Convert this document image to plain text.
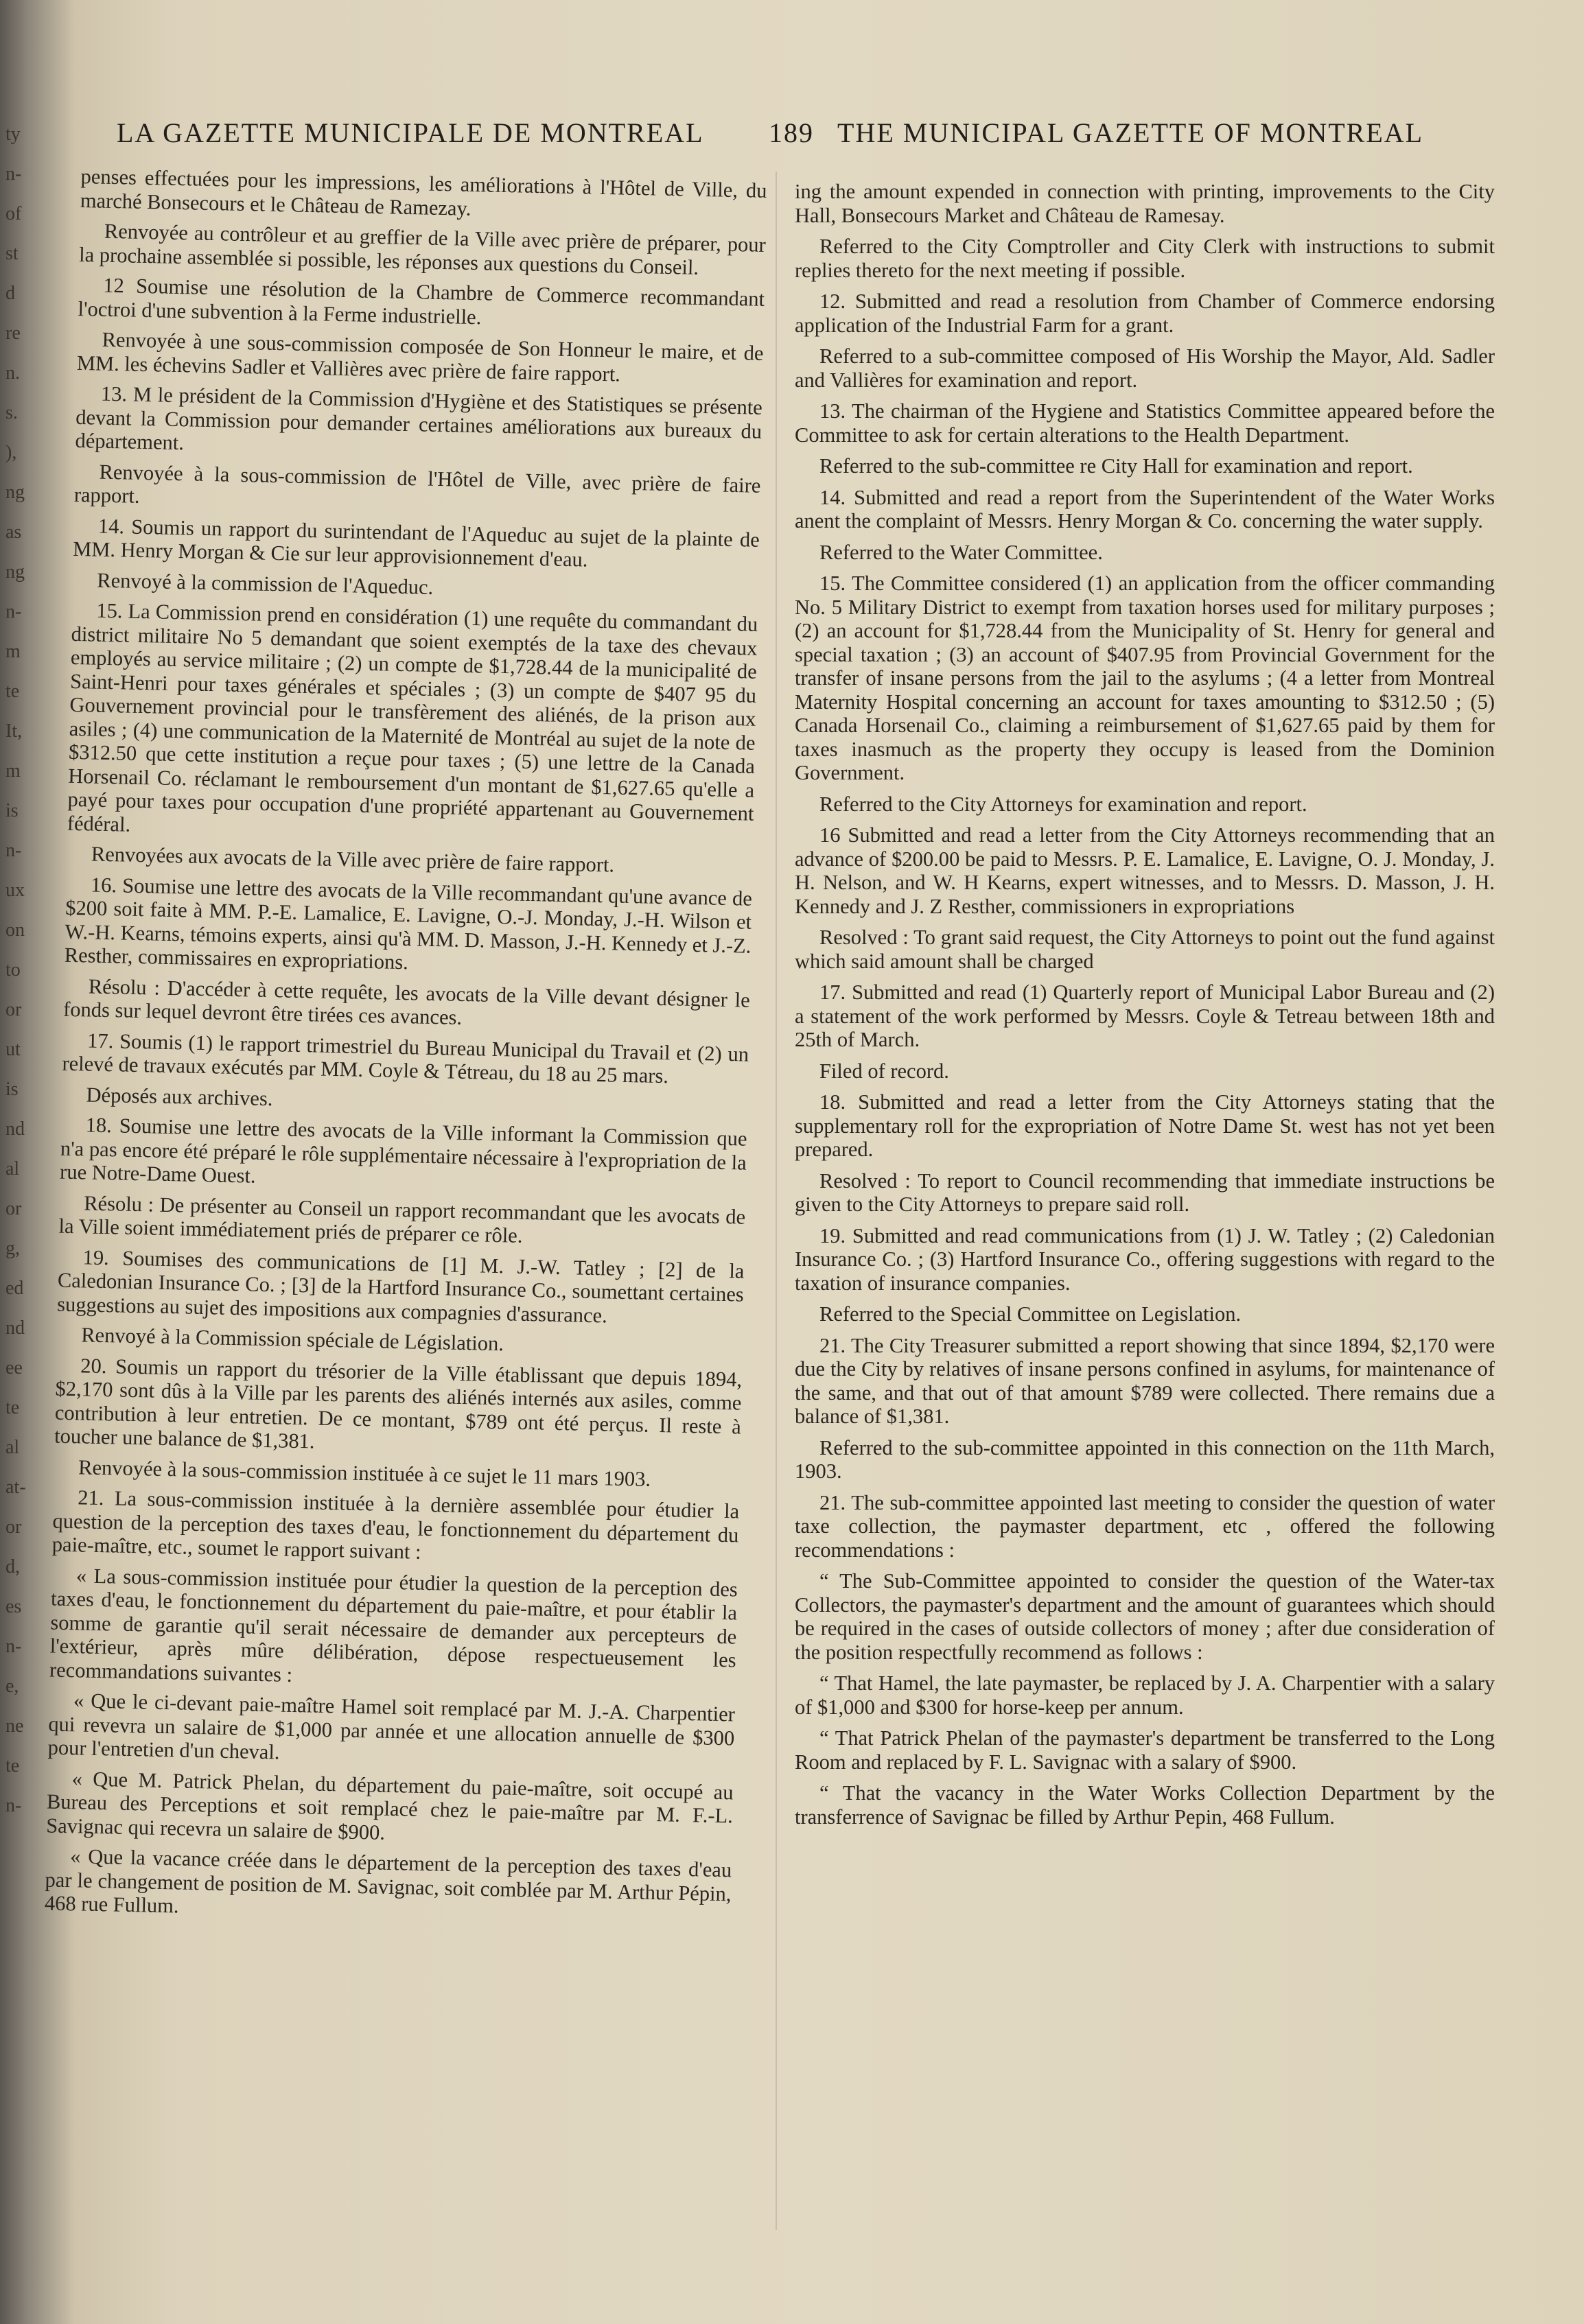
ty
n-
of
st
d
re
n.
s.
),
ng
as
ng
n-
m
te
It,
m
is
n-
ux
on
to
or
ut
is
nd
al
or
g,
ed
nd
ee
te
al
at-
or
d,
es
n-
e,
ne
te
n-
LA GAZETTE MUNICIPALE DE MONTREAL 189 THE MUNICIPAL GAZETTE OF MONTREAL

penses effectuées pour les impressions, les améliorations à l'Hôtel de Ville, du marché Bonsecours et le Château de Ramezay.

Renvoyée au contrôleur et au greffier de la Ville avec prière de préparer, pour la prochaine assemblée si possible, les réponses aux questions du Conseil.

12 Soumise une résolution de la Chambre de Commerce recommandant l'octroi d'une subvention à la Ferme industrielle.

Renvoyée à une sous-commission composée de Son Honneur le maire, et de MM. les échevins Sadler et Vallières avec prière de faire rapport.

13. M le président de la Commission d'Hygiène et des Statistiques se présente devant la Commission pour demander certaines améliorations aux bureaux du département.

Renvoyée à la sous-commission de l'Hôtel de Ville, avec prière de faire rapport.

14. Soumis un rapport du surintendant de l'Aqueduc au sujet de la plainte de MM. Henry Morgan & Cie sur leur approvisionnement d'eau.

Renvoyé à la commission de l'Aqueduc.

15. La Commission prend en considération (1) une requête du commandant du district militaire No 5 demandant que soient exemptés de la taxe des chevaux employés au service militaire ; (2) un compte de $1,728.44 de la municipalité de Saint-Henri pour taxes générales et spéciales ; (3) un compte de $407 95 du Gouvernement provincial pour le transfèrement des aliénés, de la prison aux asiles ; (4) une communication de la Maternité de Montréal au sujet de la note de $312.50 que cette institution a reçue pour taxes ; (5) une lettre de la Canada Horsenail Co. réclamant le remboursement d'un montant de $1,627.65 qu'elle a payé pour taxes pour occupation d'une propriété appartenant au Gouvernement fédéral.

Renvoyées aux avocats de la Ville avec prière de faire rapport.

16. Soumise une lettre des avocats de la Ville recommandant qu'une avance de $200 soit faite à MM. P.-E. Lamalice, E. Lavigne, O.-J. Monday, J.-H. Wilson et W.-H. Kearns, témoins experts, ainsi qu'à MM. D. Masson, J.-H. Kennedy et J.-Z. Resther, commissaires en expropriations.

Résolu : D'accéder à cette requête, les avocats de la Ville devant désigner le fonds sur lequel devront être tirées ces avances.

17. Soumis (1) le rapport trimestriel du Bureau Municipal du Travail et (2) un relevé de travaux exécutés par MM. Coyle & Tétreau, du 18 au 25 mars.

Déposés aux archives.

18. Soumise une lettre des avocats de la Ville informant la Commission que n'a pas encore été préparé le rôle supplémentaire nécessaire à l'expropriation de la rue Notre-Dame Ouest.

Résolu : De présenter au Conseil un rapport recommandant que les avocats de la Ville soient immédiatement priés de préparer ce rôle.

19. Soumises des communications de [1] M. J.-W. Tatley ; [2] de la Caledonian Insurance Co. ; [3] de la Hartford Insurance Co., soumettant certaines suggestions au sujet des impositions aux compagnies d'assurance.

Renvoyé à la Commission spéciale de Législation.

20. Soumis un rapport du trésorier de la Ville établissant que depuis 1894, $2,170 sont dûs à la Ville par les parents des aliénés internés aux asiles, comme contribution à leur entretien. De ce montant, $789 ont été perçus. Il reste à toucher une balance de $1,381.

Renvoyée à la sous-commission instituée à ce sujet le 11 mars 1903.

21. La sous-commission instituée à la dernière assemblée pour étudier la question de la perception des taxes d'eau, le fonctionnement du département du paie-maître, etc., soumet le rapport suivant :

« La sous-commission instituée pour étudier la question de la perception des taxes d'eau, le fonctionnement du département du paie-maître, et pour établir la somme de garantie qu'il serait nécessaire de demander aux percepteurs de l'extérieur, après mûre délibération, dépose respectueusement les recommandations suivantes :

« Que le ci-devant paie-maître Hamel soit remplacé par M. J.-A. Charpentier qui revevra un salaire de $1,000 par année et une allocation annuelle de $300 pour l'entretien d'un cheval.

« Que M. Patrick Phelan, du département du paie-maître, soit occupé au Bureau des Perceptions et soit remplacé chez le paie-maître par M. F.-L. Savignac qui recevra un salaire de $900.

« Que la vacance créée dans le département de la perception des taxes d'eau par le changement de position de M. Savignac, soit comblée par M. Arthur Pépin, 468 rue Fullum.

ing the amount expended in connection with printing, improvements to the City Hall, Bonsecours Market and Château de Ramesay.

Referred to the City Comptroller and City Clerk with instructions to submit replies thereto for the next meeting if possible.

12. Submitted and read a resolution from Chamber of Commerce endorsing application of the Industrial Farm for a grant.

Referred to a sub-committee composed of His Worship the Mayor, Ald. Sadler and Vallières for examination and report.

13. The chairman of the Hygiene and Statistics Committee appeared before the Committee to ask for certain alterations to the Health Department.

Referred to the sub-committee re City Hall for examination and report.

14. Submitted and read a report from the Superintendent of the Water Works anent the complaint of Messrs. Henry Morgan & Co. concerning the water supply.

Referred to the Water Committee.

15. The Committee considered (1) an application from the officer commanding No. 5 Military District to exempt from taxation horses used for military purposes ; (2) an account for $1,728.44 from the Municipality of St. Henry for general and special taxation ; (3) an account of $407.95 from Provincial Government for the transfer of insane persons from the jail to the asylums ; (4 a letter from Montreal Maternity Hospital concerning an account for taxes amounting to $312.50 ; (5) Canada Horsenail Co., claiming a reimbursement of $1,627.65 paid by them for taxes inasmuch as the property they occupy is leased from the Dominion Government.

Referred to the City Attorneys for examination and report.

16 Submitted and read a letter from the City Attorneys recommending that an advance of $200.00 be paid to Messrs. P. E. Lamalice, E. Lavigne, O. J. Monday, J. H. Nelson, and W. H Kearns, expert witnesses, and to Messrs. D. Masson, J. H. Kennedy and J. Z Resther, commissioners in expropriations

Resolved : To grant said request, the City Attorneys to point out the fund against which said amount shall be charged

17. Submitted and read (1) Quarterly report of Municipal Labor Bureau and (2) a statement of the work performed by Messrs. Coyle & Tetreau between 18th and 25th of March.

Filed of record.

18. Submitted and read a letter from the City Attorneys stating that the supplementary roll for the expropriation of Notre Dame St. west has not yet been prepared.

Resolved : To report to Council recommending that immediate instructions be given to the City Attorneys to prepare said roll.

19. Submitted and read communications from (1) J. W. Tatley ; (2) Caledonian Insurance Co. ; (3) Hartford Insurance Co., offering suggestions with regard to the taxation of insurance companies.

Referred to the Special Committee on Legislation.

21. The City Treasurer submitted a report showing that since 1894, $2,170 were due the City by relatives of insane persons confined in asylums, for maintenance of the same, and that out of that amount $789 were collected. There remains due a balance of $1,381.

Referred to the sub-committee appointed in this connection on the 11th March, 1903.

21. The sub-committee appointed last meeting to consider the question of water taxe collection, the paymaster department, etc , offered the following recommendations :

“ The Sub-Committee appointed to consider the question of the Water-tax Collectors, the paymaster's department and the amount of guarantees which should be required in the cases of outside collectors of money ; after due consideration of the position respectfully recommend as follows :

“ That Hamel, the late paymaster, be replaced by J. A. Charpentier with a salary of $1,000 and $300 for horse-keep per annum.

“ That Patrick Phelan of the paymaster's department be transferred to the Long Room and replaced by F. L. Savignac with a salary of $900.

“ That the vacancy in the Water Works Collection Department by the transferrence of Savignac be filled by Arthur Pepin, 468 Fullum.
